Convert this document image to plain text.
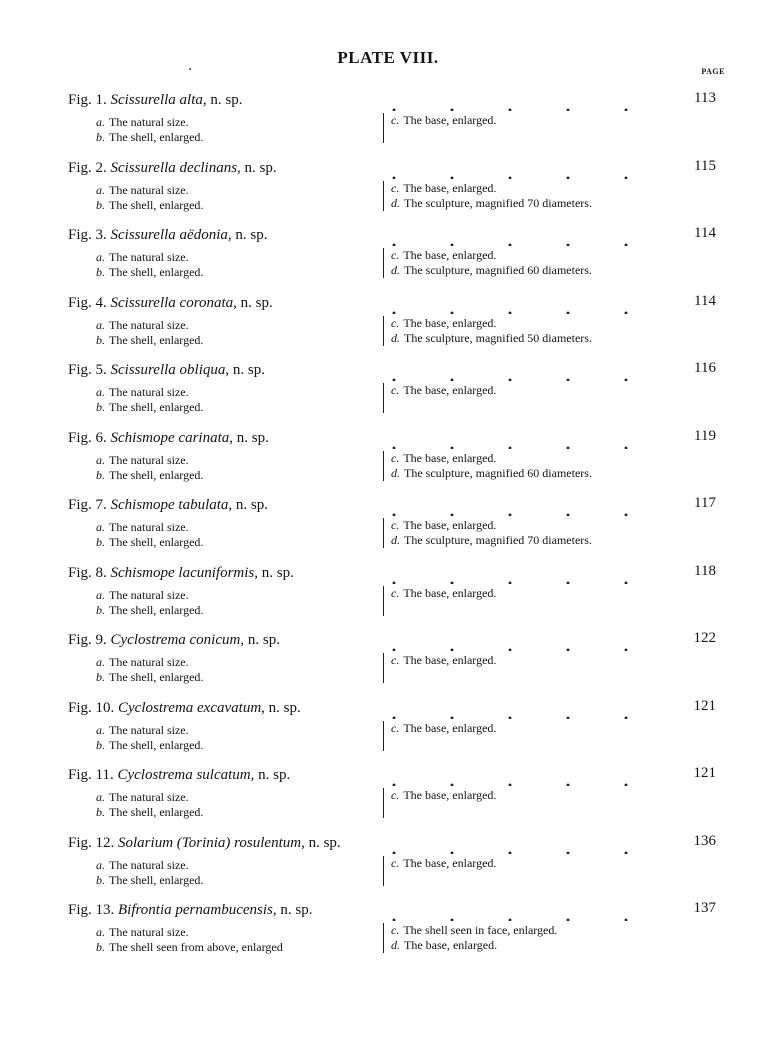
PLATE VIII.
PAGE
·
Fig. 1. Scissurella alta, n. sp.	113
a. The natural size.
b. The shell, enlarged.
c. The base, enlarged.
Fig. 2. Scissurella declinans, n. sp.	115
a. The natural size.
b. The shell, enlarged.
c. The base, enlarged.
d. The sculpture, magnified 70 diameters.
Fig. 3. Scissurella aëdonia, n. sp.	114
a. The natural size.
b. The shell, enlarged.
c. The base, enlarged.
d. The sculpture, magnified 60 diameters.
Fig. 4. Scissurella coronata, n. sp.	114
a. The natural size.
b. The shell, enlarged.
c. The base, enlarged.
d. The sculpture, magnified 50 diameters.
Fig. 5. Scissurella obliqua, n. sp.	116
a. The natural size.
b. The shell, enlarged.
c. The base, enlarged.
Fig. 6. Schismope carinata, n. sp.	119
a. The natural size.
b. The shell, enlarged.
c. The base, enlarged.
d. The sculpture, magnified 60 diameters.
Fig. 7. Schismope tabulata, n. sp.	117
a. The natural size.
b. The shell, enlarged.
c. The base, enlarged.
d. The sculpture, magnified 70 diameters.
Fig. 8. Schismope lacuniformis, n. sp.	118
a. The natural size.
b. The shell, enlarged.
c. The base, enlarged.
Fig. 9. Cyclostrema conicum, n. sp.	122
a. The natural size.
b. The shell, enlarged.
c. The base, enlarged.
Fig. 10. Cyclostrema excavatum, n. sp.	121
a. The natural size.
b. The shell, enlarged.
c. The base, enlarged.
Fig. 11. Cyclostrema sulcatum, n. sp.	121
a. The natural size.
b. The shell, enlarged.
c. The base, enlarged.
Fig. 12. Solarium (Torinia) rosulentum, n. sp.	136
a. The natural size.
b. The shell, enlarged.
c. The base, enlarged.
Fig. 13. Bifrontia pernambucensis, n. sp.	137
a. The natural size.
b. The shell seen from above, enlarged
c. The shell seen in face, enlarged.
d. The base, enlarged.
